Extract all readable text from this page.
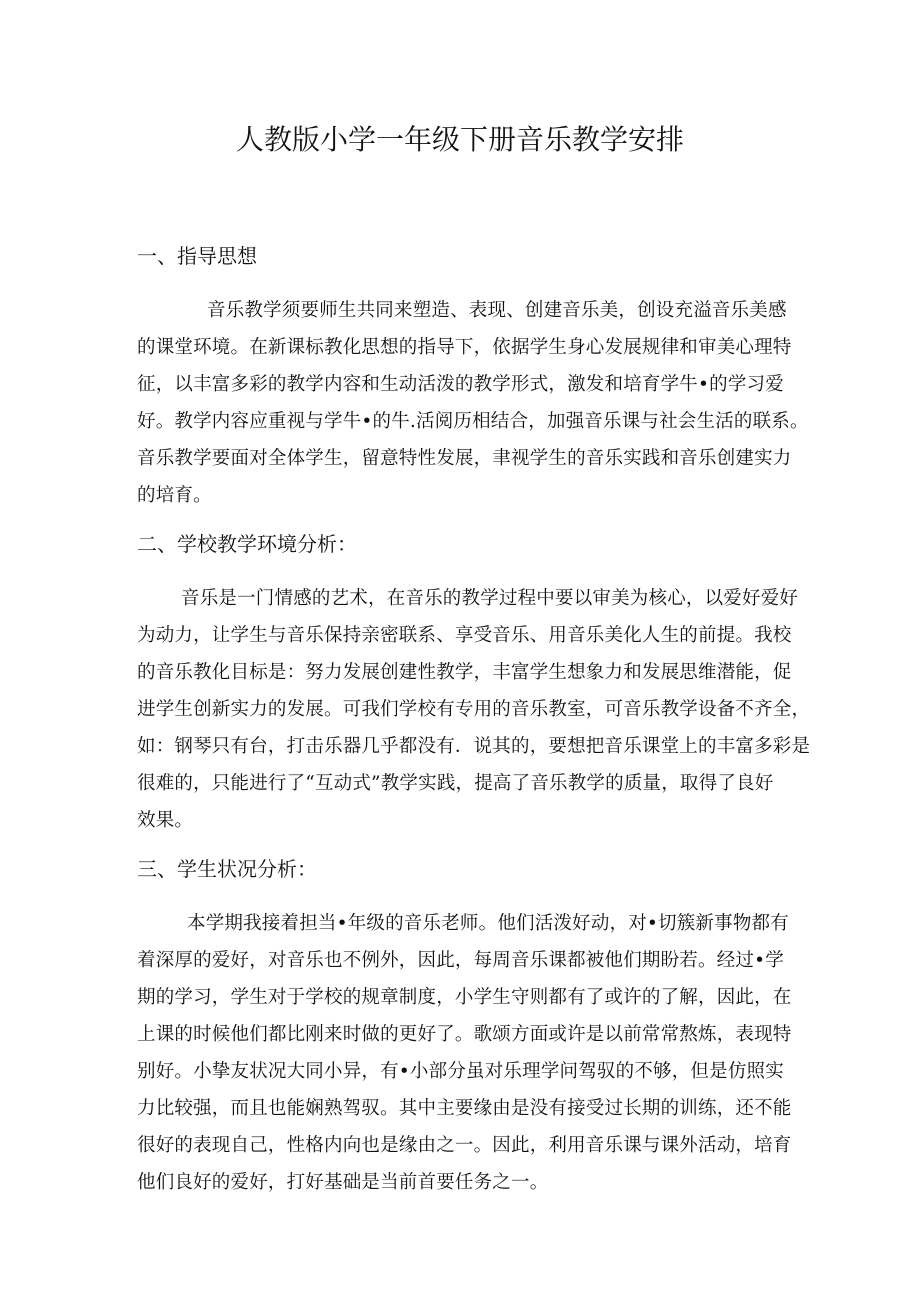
人教版小学一年级下册音乐教学安排
一、指导思想
音乐教学须要师生共同来塑造、表现、创建音乐美，创设充溢音乐美感
的课堂环境。在新课标教化思想的指导下，依据学生身心发展规律和审美心理特
征，以丰富多彩的教学内容和生动活泼的教学形式，激发和培育学牛•的学习爱
好。教学内容应重视与学牛•的牛.活阅历相结合，加强音乐课与社会生活的联系。
音乐教学要面对全体学生，留意特性发展，聿视学生的音乐实践和音乐创建实力
的培育。
二、学校教学环境分析：
音乐是一门情感的艺术，在音乐的教学过程中要以审美为核心，以爱好爱好
为动力，让学生与音乐保持亲密联系、享受音乐、用音乐美化人生的前提。我校
的音乐教化目标是：努力发展创建性教学，丰富学生想象力和发展思维潜能，促
进学生创新实力的发展。可我们学校有专用的音乐教室，可音乐教学设备不齐全，
如：钢琴只有台，打击乐器几乎都没有．说其的，要想把音乐课堂上的丰富多彩是
很难的，只能进行了“互动式”教学实践，提高了音乐教学的质量，取得了良好
效果。
三、学生状况分析：
本学期我接着担当•年级的音乐老师。他们活泼好动，对•切簇新事物都有
着深厚的爱好，对音乐也不例外，因此，每周音乐课都被他们期盼若。经过•学
期的学习，学生对于学校的规章制度，小学生守则都有了或许的了解，因此，在
上课的时候他们都比刚来时做的更好了。歌颂方面或许是以前常常熬炼，表现特
别好。小挚友状况大同小异，有•小部分虽对乐理学问驾驭的不够，但是仿照实
力比较强，而且也能娴熟驾驭。其中主要缘由是没有接受过长期的训练，还不能
很好的表现自己，性格内向也是缘由之一。因此，利用音乐课与课外活动，培育
他们良好的爱好，打好基础是当前首要任务之一。
